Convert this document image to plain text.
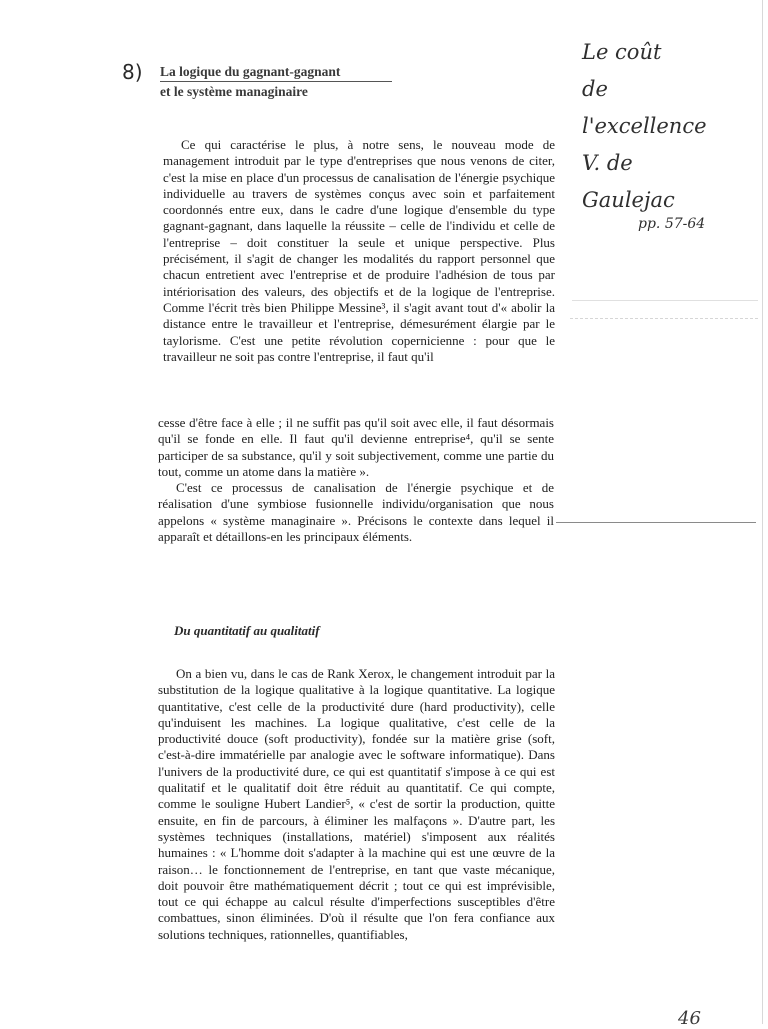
8) La logique du gagnant-gagnant
et le système managinaire
Le coût
de
l'excellence
V. de
Gaulejac
pp. 57-64

Ce qui caractérise le plus, à notre sens, le nouveau mode de management introduit par le type d'entreprises que nous venons de citer, c'est la mise en place d'un processus de canalisation de l'énergie psychique individuelle au travers de systèmes conçus avec soin et parfaitement coordonnés entre eux, dans le cadre d'une logique d'ensemble du type gagnant-gagnant, dans laquelle la réussite – celle de l'individu et celle de l'entreprise – doit constituer la seule et unique perspective. Plus précisément, il s'agit de changer les modalités du rapport personnel que chacun entretient avec l'entreprise et de produire l'adhésion de tous par intériorisation des valeurs, des objectifs et de la logique de l'entreprise. Comme l'écrit très bien Philippe Messine³, il s'agit avant tout d'« abolir la distance entre le travailleur et l'entreprise, démesurément élargie par le taylorisme. C'est une petite révolution copernicienne : pour que le travailleur ne soit pas contre l'entreprise, il faut qu'il

cesse d'être face à elle ; il ne suffit pas qu'il soit avec elle, il faut désormais qu'il se fonde en elle. Il faut qu'il devienne entreprise⁴, qu'il se sente participer de sa substance, qu'il y soit subjectivement, comme une partie du tout, comme un atome dans la matière ».

C'est ce processus de canalisation de l'énergie psychique et de réalisation d'une symbiose fusionnelle individu/organisation que nous appelons « système managinaire ». Précisons le contexte dans lequel il apparaît et détaillons-en les principaux éléments.

Du quantitatif au qualitatif

On a bien vu, dans le cas de Rank Xerox, le changement introduit par la substitution de la logique qualitative à la logique quantitative. La logique quantitative, c'est celle de la productivité dure (hard productivity), celle qu'induisent les machines. La logique qualitative, c'est celle de la productivité douce (soft productivity), fondée sur la matière grise (soft, c'est-à-dire immatérielle par analogie avec le software informatique). Dans l'univers de la productivité dure, ce qui est quantitatif s'impose à ce qui est qualitatif et le qualitatif doit être réduit au quantitatif. Ce qui compte, comme le souligne Hubert Landier⁵, « c'est de sortir la production, quitte ensuite, en fin de parcours, à éliminer les malfaçons ». D'autre part, les systèmes techniques (installations, matériel) s'imposent aux réalités humaines : « L'homme doit s'adapter à la machine qui est une œuvre de la raison… le fonctionnement de l'entreprise, en tant que vaste mécanique, doit pouvoir être mathématiquement décrit ; tout ce qui est imprévisible, tout ce qui échappe au calcul résulte d'imperfections susceptibles d'être combattues, sinon éliminées. D'où il résulte que l'on fera confiance aux solutions techniques, rationnelles, quantifiables,

46
